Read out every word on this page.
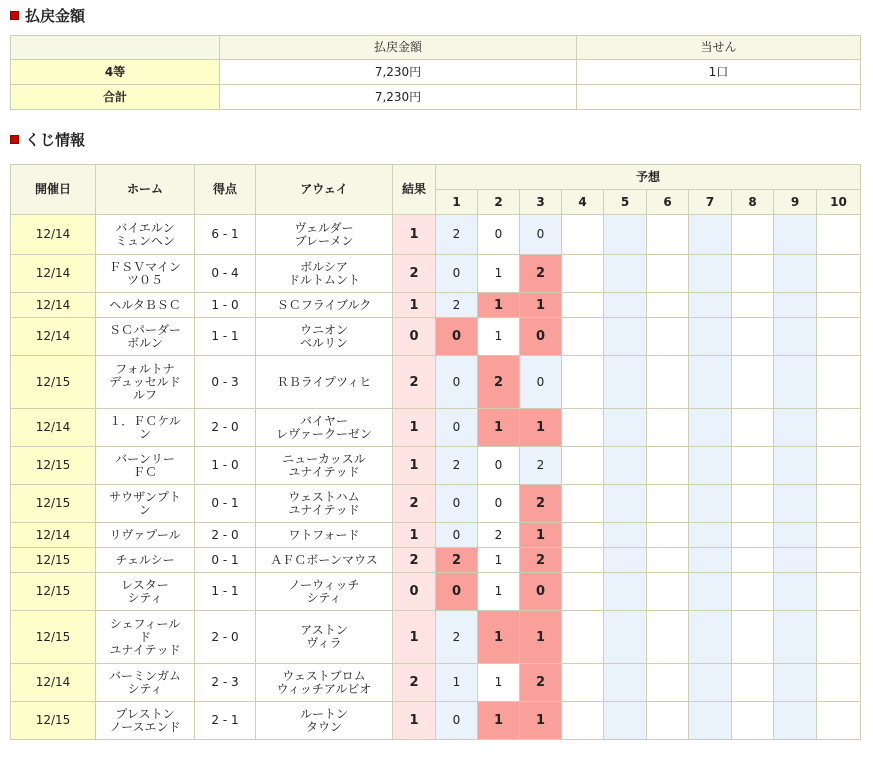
払戻金額
	払戻金額	当せん
4等	7,230円	1口
合計	7,230円	
くじ情報
開催日	ホーム	得点	アウェイ	結果	予想									
					1	2	3	4	5	6	7	8	9	10
12/14	バイエルン
ミュンヘン	6 - 1	ヴェルダー
ブレーメン	1	2	0	0							
12/14	ＦＳＶマイン
ツ０５	0 - 4	ボルシア
ドルトムント	2	0	1	2							
12/14	ヘルタＢＳＣ	1 - 0	ＳＣフライブルク	1	2	1	1							
12/14	ＳＣパーダー
ボルン	1 - 1	ウニオン
ベルリン	0	0	1	0							
12/15	フォルトナ
デュッセルド
ルフ	0 - 3	ＲＢライプツィヒ	2	0	2	0							
12/14	１．ＦＣケル
ン	2 - 0	バイヤー
レヴァークーゼン	1	0	1	1							
12/15	バーンリー
ＦＣ	1 - 0	ニューカッスル
ユナイテッド	1	2	0	2							
12/15	サウザンプト
ン	0 - 1	ウェストハム
ユナイテッド	2	0	0	2							
12/14	リヴァプール	2 - 0	ワトフォード	1	0	2	1							
12/15	チェルシー	0 - 1	ＡＦＣボーンマウス	2	2	1	2							
12/15	レスター
シティ	1 - 1	ノーウィッチ
シティ	0	0	1	0							
12/15	シェフィール
ド
ユナイテッド	2 - 0	アストン
ヴィラ	1	2	1	1							
12/14	バーミンガム
シティ	2 - 3	ウェストブロム
ウィッチアルビオ	2	1	1	2							
12/15	プレストン
ノースエンド	2 - 1	ルートン
タウン	1	0	1	1							
